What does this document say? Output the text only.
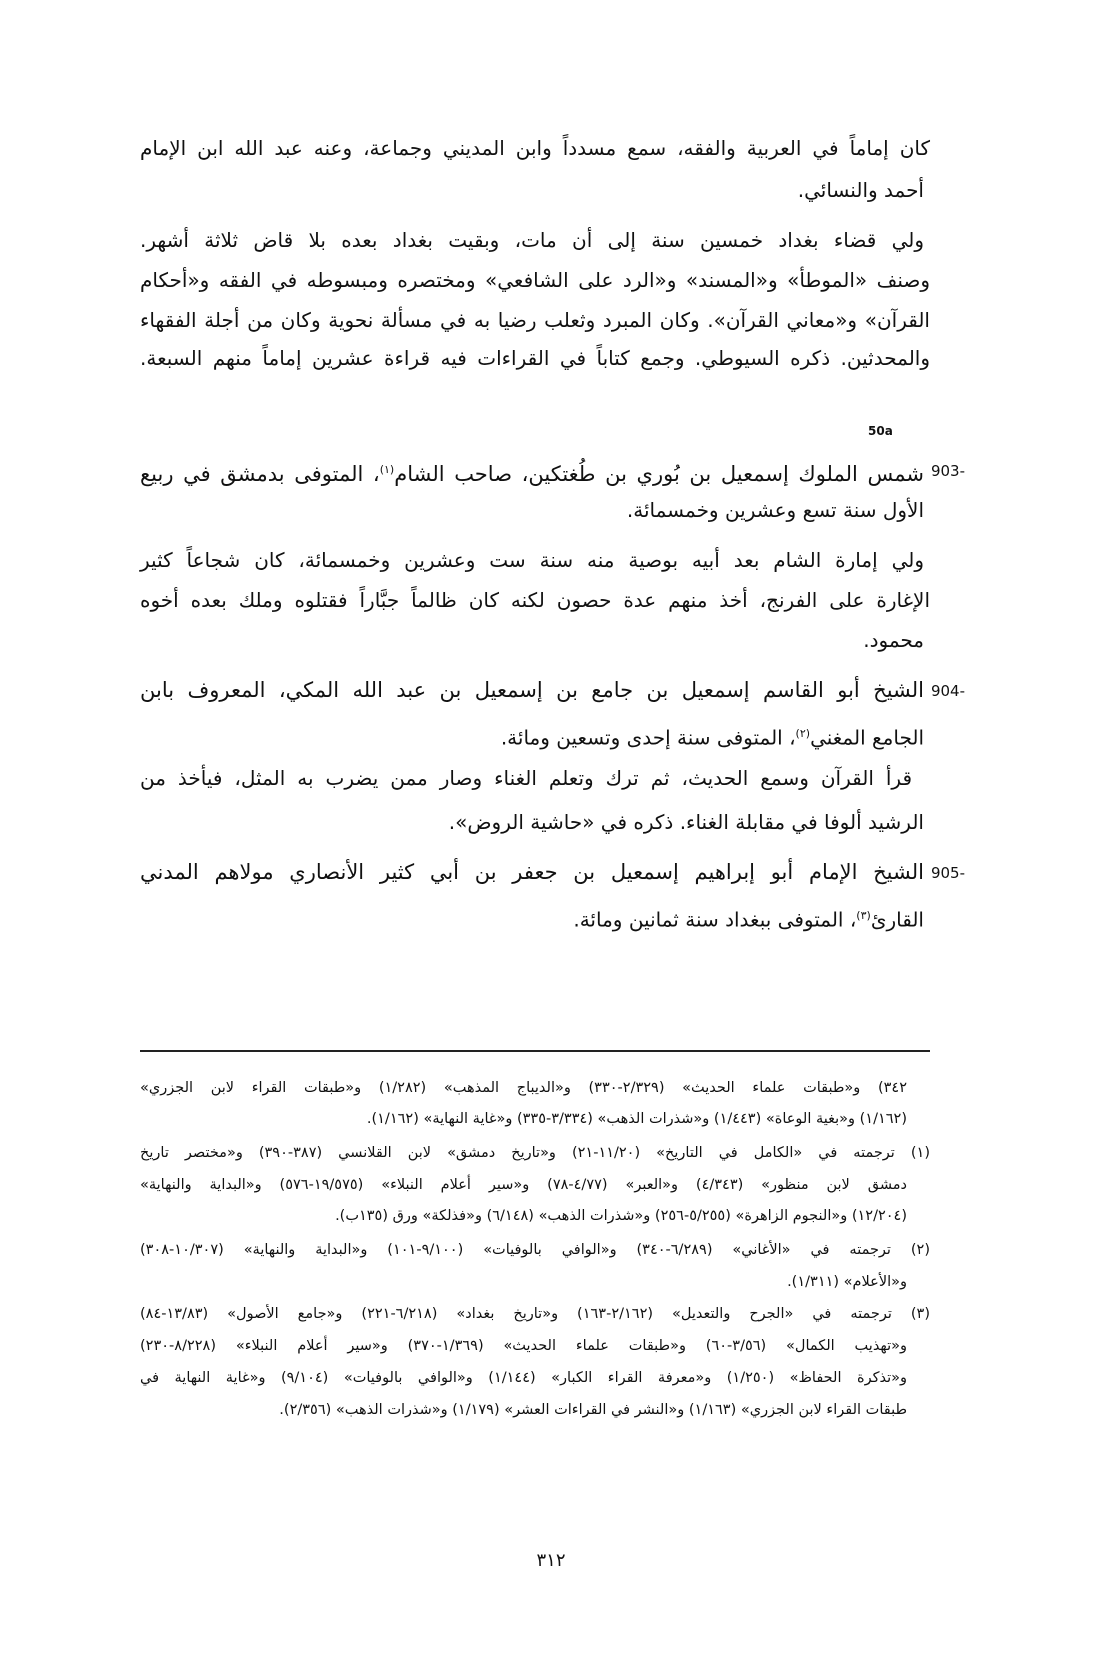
كان إماماً في العربية والفقه، سمع مسدداً وابن المديني وجماعة، وعنه عبد الله ابن الإمام
أحمد والنسائي.
ولي قضاء بغداد خمسين سنة إلى أن مات، وبقيت بغداد بعده بلا قاض ثلاثة أشهر.
وصنف «الموطأ» و«المسند» و«الرد على الشافعي» ومختصره ومبسوطه في الفقه و«أحكام
القرآن» و«معاني القرآن». وكان المبرد وثعلب رضيا به في مسألة نحوية وكان من أجلة الفقهاء
والمحدثين. ذكره السيوطي. وجمع كتاباً في القراءات فيه قراءة عشرين إماماً منهم السبعة.
50a
903-
شمس الملوك إسمعيل بن بُوري بن طُغتكين، صاحب الشام$^{(١)}$، المتوفى بدمشق في ربيع
الأول سنة تسع وعشرين وخمسمائة.
ولي إمارة الشام بعد أبيه بوصية منه سنة ست وعشرين وخمسمائة، كان شجاعاً كثير
الإغارة على الفرنج، أخذ منهم عدة حصون لكنه كان ظالماً جبَّاراً فقتلوه وملك بعده أخوه
محمود.
904-
الشيخ أبو القاسم إسمعيل بن جامع بن إسمعيل بن عبد الله المكي، المعروف بابن
الجامع المغني$^{(٢)}$، المتوفى سنة إحدى وتسعين ومائة.
قرأ القرآن وسمع الحديث، ثم ترك وتعلم الغناء وصار ممن يضرب به المثل، فيأخذ من
الرشيد ألوفا في مقابلة الغناء. ذكره في «حاشية الروض».
905-
الشيخ الإمام أبو إبراهيم إسمعيل بن جعفر بن أبي كثير الأنصاري مولاهم المدني
القارئ$^{(٣)}$، المتوفى ببغداد سنة ثمانين ومائة.
٣٤٢) و«طبقات علماء الحديث» (٢/٣٢٩-٣٣٠) و«الديباج المذهب» (١/٢٨٢) و«طبقات القراء لابن الجزري»
(١/١٦٢) و«بغية الوعاة» (١/٤٤٣) و«شذرات الذهب» (٣/٣٣٤-٣٣٥) و«غاية النهاية» (١/١٦٢).
(١) ترجمته في «الكامل في التاريخ» (١١/٢٠-٢١) و«تاريخ دمشق» لابن القلانسي (٣٨٧-٣٩٠) و«مختصر تاريخ
دمشق لابن منظور» (٤/٣٤٣) و«العبر» (٤/٧٧-٧٨) و«سير أعلام النبلاء» (١٩/٥٧٥-٥٧٦) و«البداية والنهاية»
(١٢/٢٠٤) و«النجوم الزاهرة» (٥/٢٥٥-٢٥٦) و«شذرات الذهب» (٦/١٤٨) و«فذلكة» ورق (١٣٥ب).
(٢) ترجمته في «الأغاني» (٦/٢٨٩-٣٤٠) و«الوافي بالوفيات» (٩/١٠٠-١٠١) و«البداية والنهاية» (١٠/٣٠٧-٣٠٨)
و«الأعلام» (١/٣١١).
(٣) ترجمته في «الجرح والتعديل» (٢/١٦٢-١٦٣) و«تاريخ بغداد» (٦/٢١٨-٢٢١) و«جامع الأصول» (١٣/٨٣-٨٤)
و«تهذيب الكمال» (٣/٥٦-٦٠) و«طبقات علماء الحديث» (١/٣٦٩-٣٧٠) و«سير أعلام النبلاء» (٨/٢٢٨-٢٣٠)
و«تذكرة الحفاظ» (١/٢٥٠) و«معرفة القراء الكبار» (١/١٤٤) و«الوافي بالوفيات» (٩/١٠٤) و«غاية النهاية في
طبقات القراء لابن الجزري» (١/١٦٣) و«النشر في القراءات العشر» (١/١٧٩) و«شذرات الذهب» (٢/٣٥٦).
٣١٢
